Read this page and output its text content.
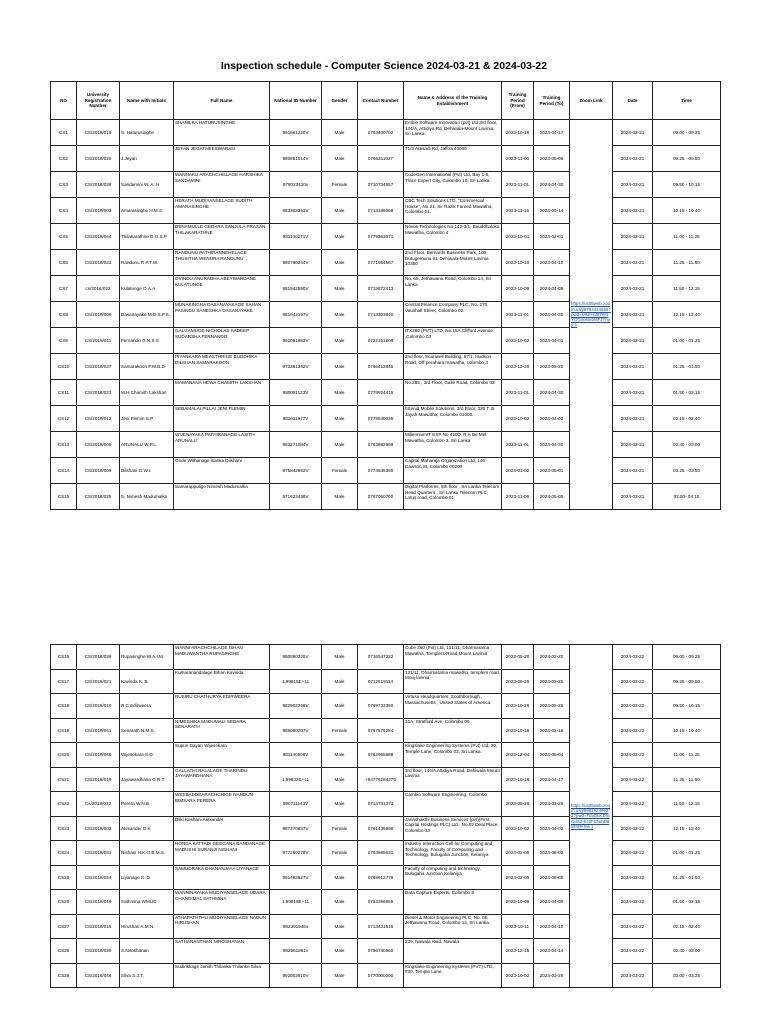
Inspection schedule - Computer Science 2024-03-21 & 2024-03-22
NO	University Registration Number	Name with Initials	Full Name	National ID Number	Gender	Contact Number	Name & Address of the Training Establishment	Training Period (From)	Training Period (To)	Zoom Link	Date	Time
CS1	CS/2018/015	S. Haturusinghe	SHANILKA HATURUSINGHE	991661220V	Male	0703400702	Emble Software Innovation (pvt) Ltd 3rd floor, 144/A, Attidiya Rd, Dehiwala-Mount Lavinia, Sri Lanka.	2023-10-16	2024-04-17	https://us05web.zoom.us/j/8783434569?pwd=UrUHsJ87W1YOGneelebMFJYnyp.1	2024-03-21	09.00 - 09.25
CS2	CS/2018/020	J.Jeyan	JEYAN JEGATHEESWARAN	980851014V	Male	0766311927	71/3 Arasadi Rd, Jaffna 40000	2023-11-06	2024-05-06		2024-03-21	09.25 - 09.50
CS3	CS/2018/038	Sandamini W. A. H	WANNAKU ARACHCHILLAGE HARSHIKA SANDAMINI	978023410v	Female	0710734657	CodeGen International (Pvt) Ltd, Bay 1-5, Trace Expert City, Colombo 10, Sri Lanka.	2023-11-01	2024-04-30		2024-03-21	09.50 - 10.15
CS4	CS/2018/003	Amarasinghe H.M.S	HERATH MUDIYANSELAGE SUDITH AMARASINGHE	983302351V	Male	0713188068	CBC Tech Solutions LTD, "Commercial House", No.21, Sir Razik Fareed Mawatha, Colombo 01.	2023-11-15	2024-05-14		2024-03-21	10.15 - 10.40
CS5	CS/2018/044	Thilakarathne D.G.S.P	DENAMULLE GEDARA SANJULA PRASAN THILAKARATHNE	981100271V	Male	0779363571	Novus Technologies No 142-3/1, Bauddhaloka Mawatha, Colombo 4	2023-10-01	2024-02-01		2024-03-21	11.00 - 11.25
CS6	CS/2018/033	Randunu R.P.T.W.	RANDUNU PATHIRANNEHELAGE THUSITHA WENURA RANDUNU	980780244V	Male	0771954567	2nd Floor, Bernards Business Park, 106 Dutugemunu St, Dehiwala-Mount Lavinia 10350	2023-10-10	2024-04-10		2024-03-21	11.25 - 11.50
CS7	cs/2018/022	Kulatunge O.A.A	OVINDU ANURADHA ABEYWARDANE KULATUNGE	981942590V	Male	0719872413	No. 65, Jethawana Road, Colombo 14, Sri Lanka.	2023-10-09	2024-04-09		2024-03-21	11.50 - 12.15
CS8	CS/2018/008	Dasanayake M.D.S.P.S.	MUNASINGHA DASANAYAKAGE SAHAN PASINDU SANESHKA DASANAYAKE	981942197V	Male	0713303840	Central Finance Company PLC, No. 270, Vauxhall Street, Colombo 02.	2023-11-01	2024-04-30		2024-03-21	12.15 - 12.40
CS9	CS/2018/011	Fernando G.N.S.S	GALGAMUGE NICHOLAS SADEEP SUDARSHA FERNANDO	992081983V	Male	0722151808	ITX360 (PVT) LTD, No.15A,Clifford Avenue ,Colombo 03	2023-10-02	2024-04-01		2024-03-21	01.00 - 01.25
CS10	CS/2018/037	Samarakoon P.M.B.D	PIYANKARA MEASTHRIGE BUDDHIKA DILSHAN SAMARAKOON	973381342V	Male	0766412845	2nd floor, Scanwell Building, 67/1, Hudson Road, Off perahara mawatha, colombo 3	2023-12-20	2024-05-20		2024-03-21	01.25 - 01.50
CS11	CS/2018/023	M.H.Chamith Lakshan	MAWANANA HEWA CHAMITH LAKSHAN	990081123V	Male	0778924415	No.285 , 3rd Floor, Galle Road, Colombo 03	2023-11-01	2024-04-30		2024-03-21	01.50 - 02.15
CS12	CS/2018/012	Jeni Flemin S.P.	SEBAMALAI PILLAI JENI FLEMIN	981611977V	Male	0778540035	hSenid Mobile Solutions, 3rd Floor, 320 T. B. Jayah Mawatha, Colombo 01000.	2023-10-02	2024-04-02		2024-03-21	02.15 - 02.40
CS13	CS/2018/005	ARUNALU W.P.L.	WIJENAYAKA PATHIRANAGE LASITH ARUNALU	983271084V	Male	0763892969	MillenniumIT ESP No 450D, R A De Mel Mawatha, Colombo 3, Sri Lanka	2023-11-01	2024-04-30		2024-03-21	02.40 - 03.00
CS14	CS/2018/009	Dilshani G.W.I.	Gode Withanage isanka Dilshani	975842992V	Female	0774649380	Capital Maharaja Organization Ltd, 146 Dawson St, Colombo 00200	2024-01-02	2024-05-01		2024-03-21	03.25 - 03.50
CS15	CS/2018/025	S. Nimesh Madumalka	Samarappulige Nimesh Madumalka	971623438V	Male	0767060760	Digital Platforms, 5th floor , Sri Lanka Telecom Head Quarters , Sri Lanka Telecom PLC, Lotus road, Colombo 01	2023-11-06	2024-05-05		2024-03-21	03.50- 04.15
CS16	CS/2018/036	Rupasinghe W.A.I.M	WANNI ARACHCHILAGE ISHAN MADUWANTHA RUPASINGHE	980880325V	Male	0716547222	Cube 360 (Pvt) Ltd, 131/11, Dharmarama Mawatha, Templers-Road,Mount Lavinia	2023-05-20	2024-02-20	https://us05web.zoom.us/j/89815249622?pwd=TduDUcDfnGdSZrhJ2FCNmD8WSPAfna.1	2024-03-22	09.00 - 09.25
CS17	CS/2018/021	Kavinda K. B.	Kumaranandalage Bihan Kavinda	1.99915E+11	Male	0712519114	131/11, Dharmarama mawatha, templers road, Mouj lavinia	2023-09-25	2024-03-25		2024-03-22	09.25 - 09.50
CS18	CS/2018/010	R C Edirweera	RUSIRU CHATHURYA EDIRWEERA	982902266V	Male	0769733350	Virtusa Headquarters, Southborough , Massachusetts , United States of America.	2023-10-26	2024-05-26		2024-03-22	09.50 - 10.15
CS19	CS/2018/041	Senarath N.M.S	NIMESHIKA MADUMALI SEDARA SENARATH	986080207V	Female	0767575284	16A, Stratford Ave, Colombo 06	2023-10-16	2024-02-16		2024-03-22	10.15 - 10.40
CS20	CS/2018/048	Wijesekara S.D.	Supun Dayan Wijesekara	981140508V	Male	0762955688	Kingslake Engineering Systems (Pvt) Ltd, 30, Temple Lane, Colombo 03, Sri Lanka	2023-12-04	2024-05-04		2024-03-22	11.00 - 11.25
CS21	CS/2018/019	Jayawardhana G.R.T.	GALLATHI RALALAGE THARINDU JAYAWARDHANA	1.99832E+11	Male	+94776284276	3rd floor, 144/A Attidiya Road, Dehiwala Mount Lavinia	2023-10-18	2024-04-17		2024-03-22	11.25 - 11.50
CS22	Cs/2018/032	Perera W.N.B	WEEBADDEARACHCHIGE NANDUN BIMSARA PERERA	990711143V	Male	0714731373	Cambio Software Engineering, Colombo	2023-09-26	2024-03-26		2024-03-22	11.50 - 12.15
CS23	CS/2018/002	Alexander D.K	Dilki Keshani Alexander	987370637V	Female	0761436896	Janashakthi Business Services (pvt)(First Capital Holdings PLC) Ltd , No.02 Deal Place, Colombo 03	2023-10-02	2024-04-02		2024-03-22	12.15 - 12.40
CS24	CS/2018/031	Nishani H.K.G.B.M.S.	HONDA KATTADI GEEGANA BANDANAGE MADUSHI SURANJI NISHANI	977260279V	Female	0703985631	Industry Interaction Cell for Computing and Technology, Faculty of Computing and Technology, Bulugaha Junction, Kelaniya	2024-02-05	2024-08-02		2024-03-22	01.00 - 01.25
CS25	CS/2018/024	Liyanage S. D.	SAMUDRAKA DHANANJAYA LIYANAGE	991483527V	Male	0769612776	Faculty of computing and technology, Bulugaha Junction,Kelaniya	2024-02-05	2024-08-05		2024-03-22	01.25 - 01.50
CS26	CS/2018/049	Sathmina WMUC	WANNINAYAKA MUDIYANSELAGE UDARA CHANDIMAL SATHMINA	1.99919E+11	Male	0753356655	Data Capture Experts, Colombo 9	2023-10-09	2024-04-09		2024-03-22	01.50 - 02.15
CS27	CS/2018/018	Hirushan A.M.N.	ATHAPATHTHU MUDIYANSELAGE NADUN HIRUSHAN	982391946v	Male	0713431516	Diesel & Motor Engineering PLC, No. 65, Jethawana Road, Colombo 14, Sri Lanka.	2023-10-11	2024-04-10		2024-03-22	02.15 - 02.40
CS28	CS/2018/030	S.Niroshanan	SATHANANTHAN NIROSHANAN	982661861v	Male	0756740560	239, Nawala road, Nawala	2023-12-15	2024-04-14		2024-03-22	02.40 - 03.00
CS29	CS/2018/046	Silva S.J.T.	Sudirikkage Janith Thilanka Thilanke Silva	992002910V	Male	0770000000	Kingslake Engineering Systems (PVT) LTD, #30, Temple Lane,	2023-10-02	2024-03-29		2024-03-22	03.00 - 03.25
